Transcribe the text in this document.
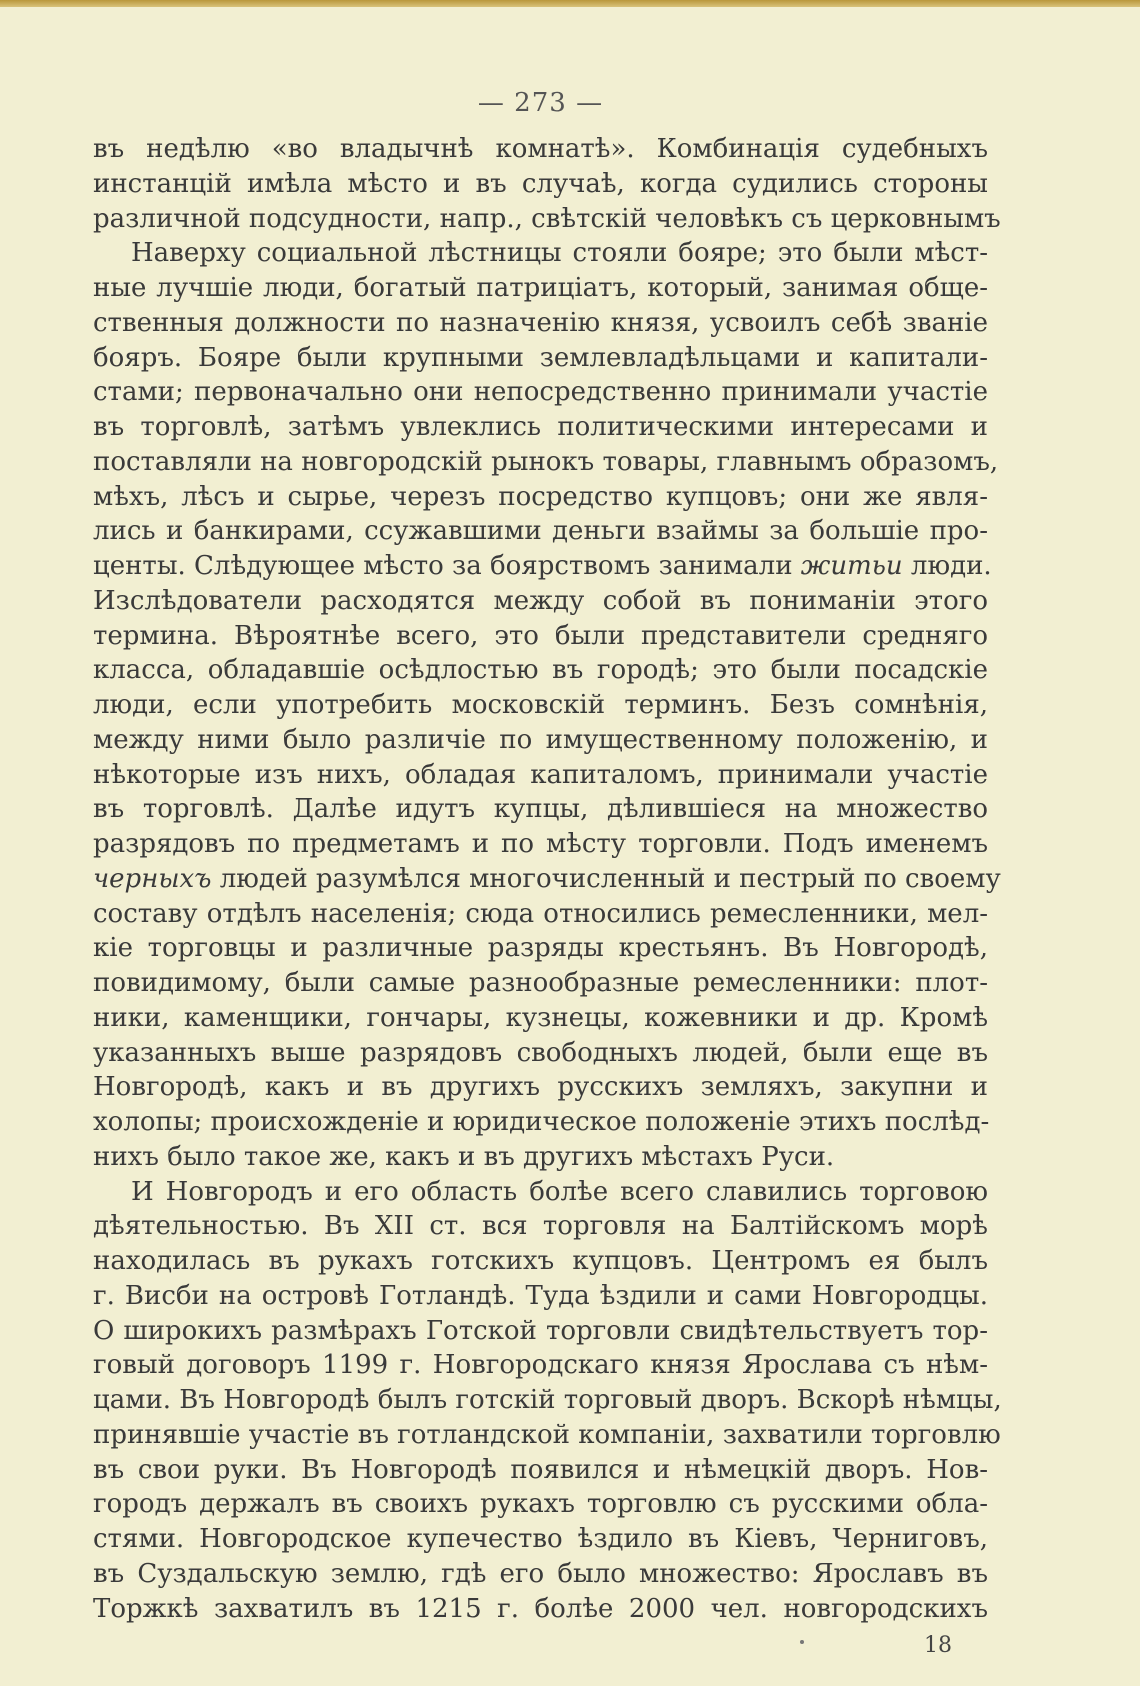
— 273 —
въ недѣлю «во владычнѣ комнатѣ». Комбинація судебныхъ
инстанцій имѣла мѣсто и въ случаѣ, когда судились стороны
различной подсудности, напр., свѣтскій человѣкъ съ церковнымъ
Наверху социальной лѣстницы стояли бояре; это были мѣст-
ные лучшіе люди, богатый патриціатъ, который, занимая обще-
ственныя должности по назначенію князя, усвоилъ себѣ званіе
бояръ. Бояре были крупными землевладѣльцами и капитали-
стами; первоначально они непосредственно принимали участіе
въ торговлѣ, затѣмъ увлеклись политическими интересами и
поставляли на новгородскій рынокъ товары, главнымъ образомъ,
мѣхъ, лѣсъ и сырье, черезъ посредство купцовъ; они же явля-
лись и банкирами, ссужавшими деньги взаймы за большіе про-
центы. Слѣдующее мѣсто за боярствомъ занимали житьи люди.
Изслѣдователи расходятся между собой въ пониманіи этого
термина. Вѣроятнѣе всего, это были представители средняго
класса, обладавшіе осѣдлостью въ городѣ; это были посадскіе
люди, если употребить московскій терминъ. Безъ сомнѣнія,
между ними было различіе по имущественному положенію, и
нѣкоторые изъ нихъ, обладая капиталомъ, принимали участіе
въ торговлѣ. Далѣе идутъ купцы, дѣлившіеся на множество
разрядовъ по предметамъ и по мѣсту торговли. Подъ именемъ
черныхъ людей разумѣлся многочисленный и пестрый по своему
составу отдѣлъ населенія; сюда относились ремесленники, мел-
кіе торговцы и различные разряды крестьянъ. Въ Новгородѣ,
повидимому, были самые разнообразные ремесленники: плот-
ники, каменщики, гончары, кузнецы, кожевники и др. Кромѣ
указанныхъ выше разрядовъ свободныхъ людей, были еще въ
Новгородѣ, какъ и въ другихъ русскихъ земляхъ, закупни и
холопы; происхожденіе и юридическое положеніе этихъ послѣд-
нихъ было такое же, какъ и въ другихъ мѣстахъ Руси.
И Новгородъ и его область болѣе всего славились торговою
дѣятельностью. Въ XII ст. вся торговля на Балтійскомъ морѣ
находилась въ рукахъ готскихъ купцовъ. Центромъ ея былъ
г. Висби на островѣ Готландѣ. Туда ѣздили и сами Новгородцы.
О широкихъ размѣрахъ Готской торговли свидѣтельствуетъ тор-
говый договоръ 1199 г. Новгородскаго князя Ярослава съ нѣм-
цами. Въ Новгородѣ былъ готскій торговый дворъ. Вскорѣ нѣмцы,
принявшіе участіе въ готландской компаніи, захватили торговлю
въ свои руки. Въ Новгородѣ появился и нѣмецкій дворъ. Нов-
городъ держалъ въ своихъ рукахъ торговлю съ русскими обла-
стями. Новгородское купечество ѣздило въ Кіевъ, Черниговъ,
въ Суздальскую землю, гдѣ его было множество: Ярославъ въ
Торжкѣ захватилъ въ 1215 г. болѣе 2000 чел. новгородскихъ
18
